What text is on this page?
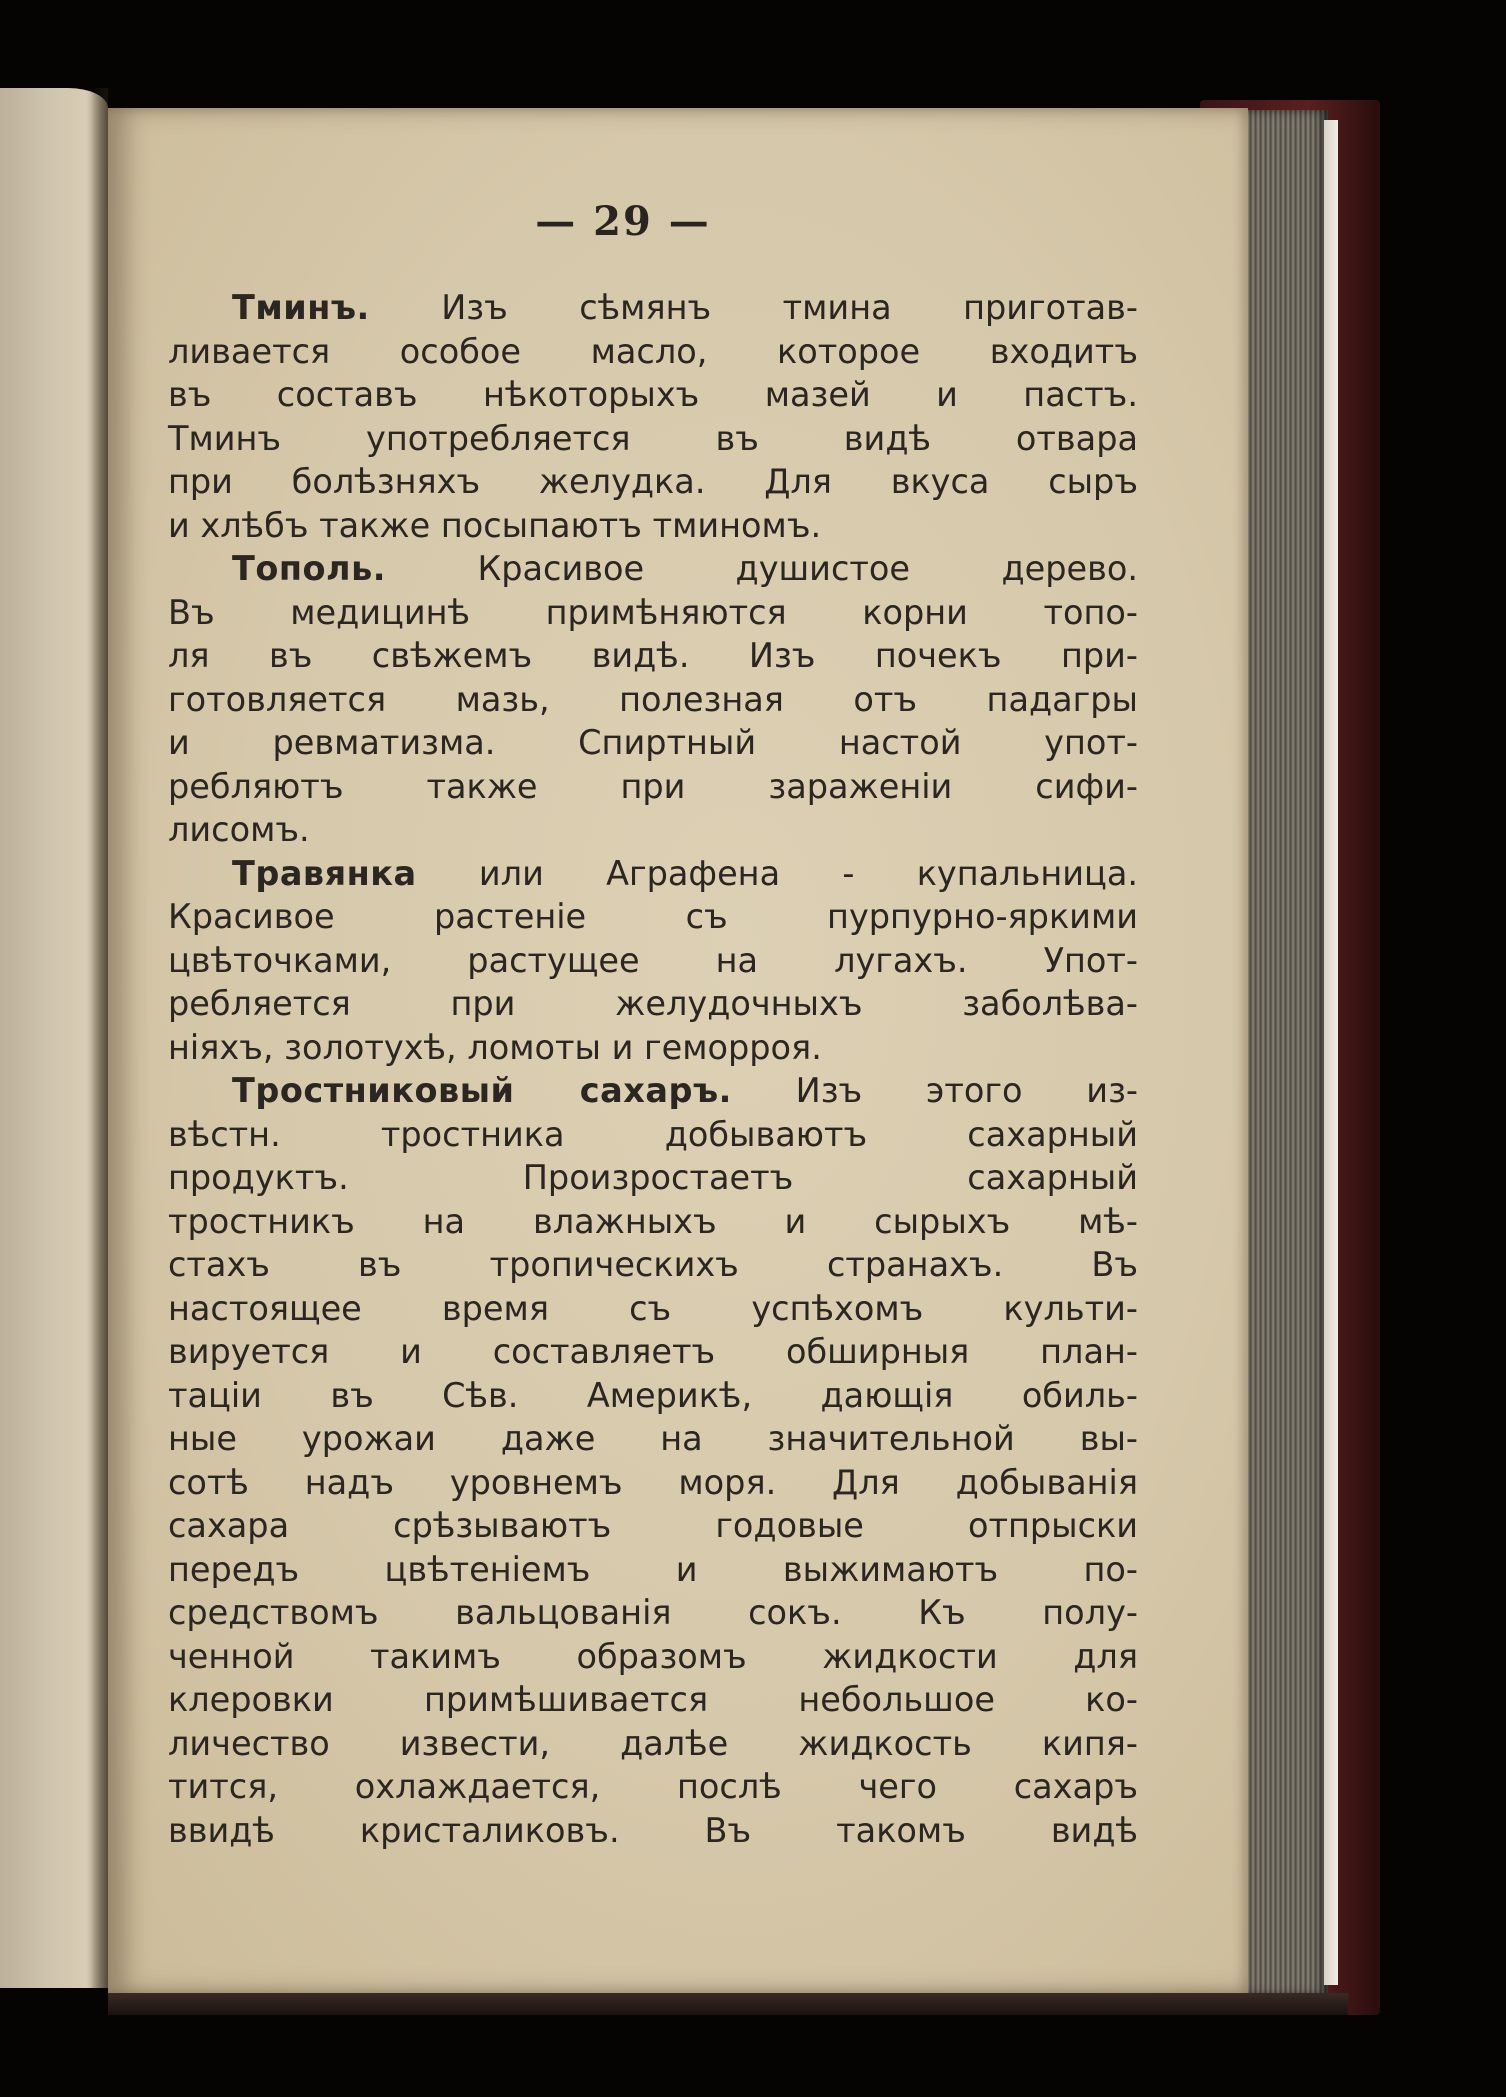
— 29 —

Тминъ. Изъ сѣмянъ тмина приготав-
ливается особое масло, которое входитъ
въ составъ нѣкоторыхъ мазей и пастъ.
Тминъ употребляется въ видѣ отвара
при болѣзняхъ желудка. Для вкуса сыръ
и хлѣбъ также посыпаютъ тминомъ.

Тополь.	Красивое душистое дерево.
Въ медицинѣ примѣняются корни топо-
ля въ свѣжемъ видѣ. Изъ почекъ при-
готовляется мазь, полезная отъ падагры
и ревматизма. Спиртный настой упот-
ребляютъ также при зараженіи сифи-
лисомъ.

Травянка или Аграфена - купальница.
Красивое растеніе съ пурпурно-яркими
цвѣточками, растущее на лугахъ. Упот-
ребляется при желудочныхъ заболѣва-
ніяхъ, золотухѣ, ломоты и геморроя.

Тростниковый сахаръ. Изъ этого из-
вѣстн. тростника добываютъ сахарный
продуктъ. Произростаетъ сахарный
тростникъ на влажныхъ и сырыхъ мѣ-
стахъ въ тропическихъ странахъ. Въ
настоящее время съ успѣхомъ культи-
вируется и составляетъ обширныя план-
таціи въ Сѣв. Америкѣ, дающія обиль-
ные урожаи даже на значительной вы-
сотѣ надъ уровнемъ моря. Для добыванія
сахара срѣзываютъ годовые отпрыски
передъ цвѣтеніемъ и выжимаютъ по-
средствомъ вальцованія сокъ. Къ полу-
ченной такимъ образомъ жидкости для
клеровки примѣшивается небольшое ко-
личество извести, далѣе жидкость кипя-
тится, охлаждается, послѣ чего сахаръ
ввидѣ кристаликовъ. Въ такомъ видѣ
